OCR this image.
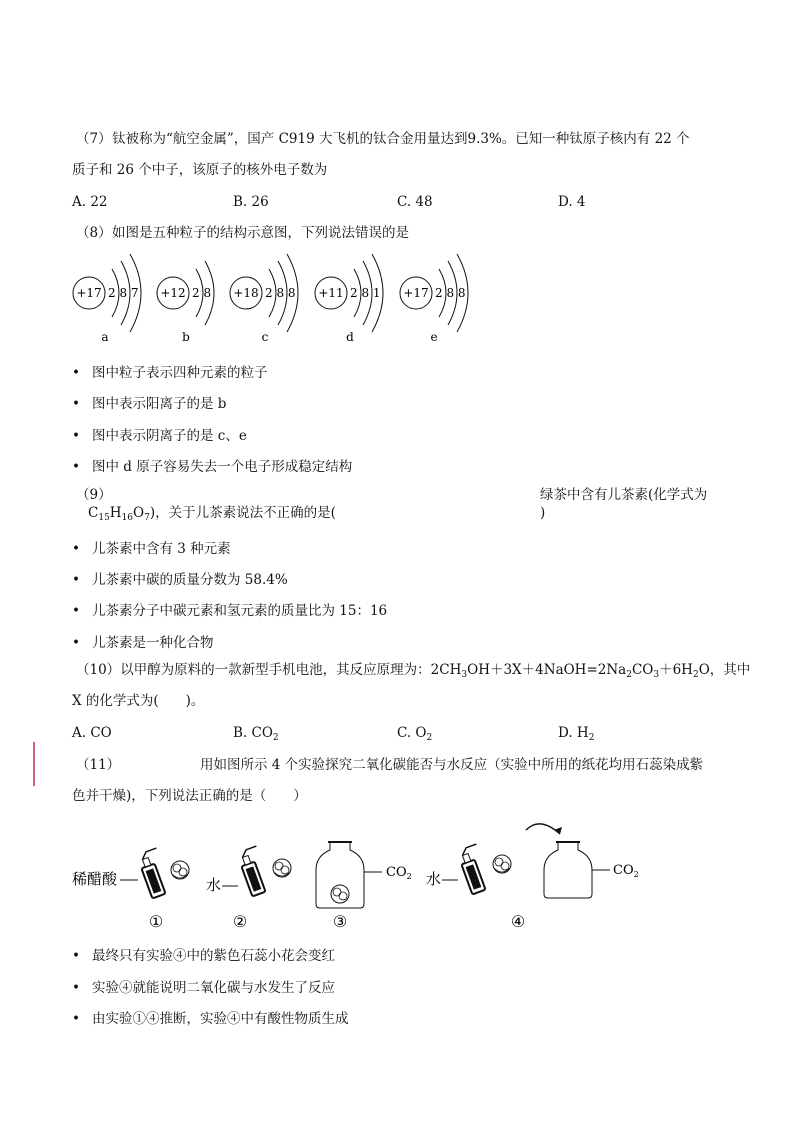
（7） 钛被称为“航空金属”，国产 C919 大飞机的钛合金用量达到9.3%。已知一种钛原子核内有 22 个
质子和 26 个中子，该原子的核外电子数为
A. 22	B. 26	C. 48	D. 4
（8） 如图是五种粒子的结构示意图，下列说法错误的是
+17 2 8 7
a
+12 2 8
b
+18 2 8 8
c
+11 2 8 1
d
+17 2 8 8
e
• 图中粒子表示四种元素的粒子
• 图中表示阳离子的是 b
• 图中表示阴离子的是 c、e
• 图中 d 原子容易失去一个电子形成稳定结构
（9）	绿茶中含有儿茶素(化学式为
$C_{15}H_{16}O_7$)，关于儿茶素说法不正确的是(	)
• 儿茶素中含有 3 种元素
• 儿茶素中碳的质量分数为 58.4%
• 儿茶素分子中碳元素和氢元素的质量比为 15：16
• 儿茶素是一种化合物
（10）以甲醇为原料的一款新型手机电池，其反应原理为：$2CH_3OH+3X+4NaOH=2Na_2CO_3+6H_2O$，其中
X 的化学式为(　　)。
A. CO	B. $CO_2$	C. $O_2$	D. $H_2$
（11）	用如图所示 4 个实验探究二氧化碳能否与水反应（实验中所用的纸花均用石蕊染成紫
色并干燥)，下列说法正确的是（　　）
稀醋酸
①
水
②
$CO_2$
③
水	$CO_2$
④
• 最终只有实验④中的紫色石蕊小花会变红
• 实验④就能说明二氧化碳与水发生了反应
• 由实验①④推断，实验④中有酸性物质生成
